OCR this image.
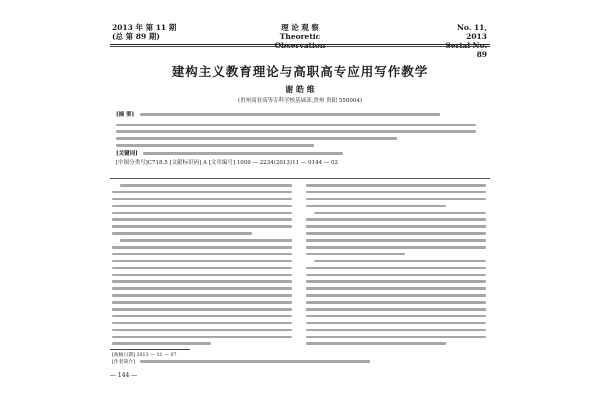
2013 年 第 11 期
(总 第 89 期)
理 论 观 察
Theoretic Observation
No. 11, 2013
Serial No. 89
建构主义教育理论与高职高专应用写作教学
谢 皓 维
(贵州商业高等专科学校基础部,贵州 贵阳 550004)
[摘 要]
[关键词]
[中图分类号]C718.5 [文献标识码] A [文章编号] 1009 — 2234(2013)11 — 0144 — 02
[收稿日期] 2013 — 11 — 07
[作者简介]
— 144 —
